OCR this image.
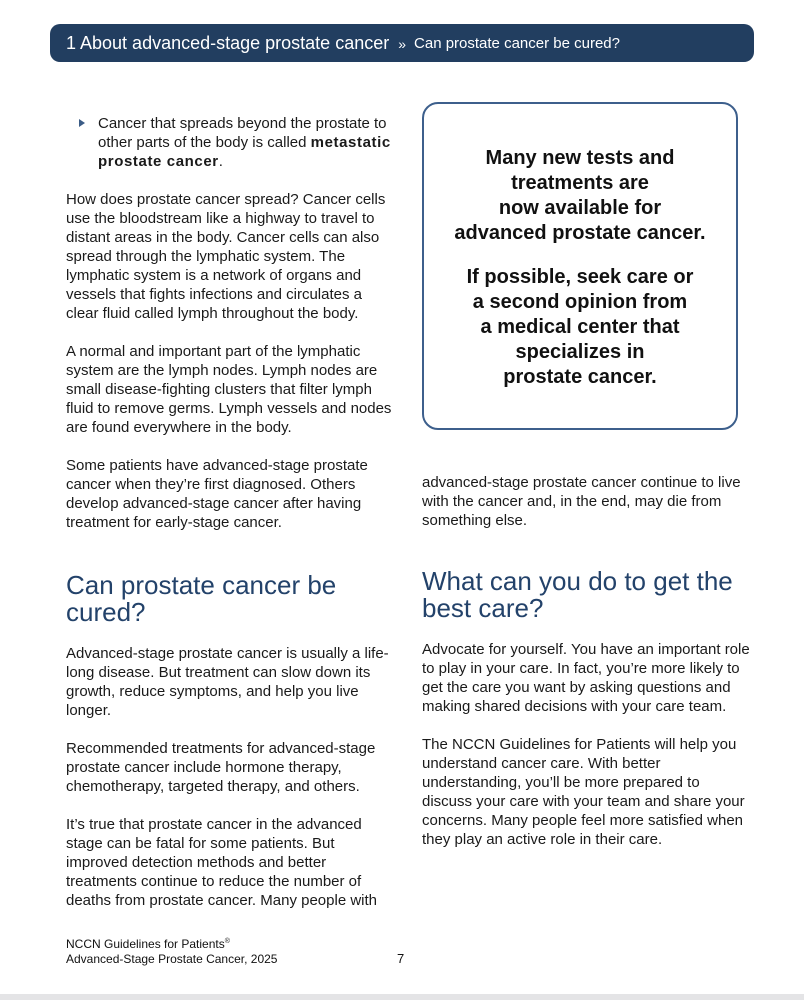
1 About advanced-stage prostate cancer » Can prostate cancer be cured?
Cancer that spreads beyond the prostate to other parts of the body is called metastatic prostate cancer.

How does prostate cancer spread? Cancer cells use the bloodstream like a highway to travel to distant areas in the body. Cancer cells can also spread through the lymphatic system. The lymphatic system is a network of organs and vessels that fights infections and circulates a clear fluid called lymph throughout the body.

A normal and important part of the lymphatic system are the lymph nodes. Lymph nodes are small disease-fighting clusters that filter lymph fluid to remove germs. Lymph vessels and nodes are found everywhere in the body.

Some patients have advanced-stage prostate cancer when they’re first diagnosed. Others develop advanced-stage cancer after having treatment for early-stage cancer.

Can prostate cancer be cured?

Advanced-stage prostate cancer is usually a life-long disease. But treatment can slow down its growth, reduce symptoms, and help you live longer.

Recommended treatments for advanced-stage prostate cancer include hormone therapy, chemotherapy, targeted therapy, and others.

It’s true that prostate cancer in the advanced stage can be fatal for some patients. But improved detection methods and better treatments continue to reduce the number of deaths from prostate cancer. Many people with

Many new tests and
treatments are
now available for
advanced prostate cancer.
If possible, seek care or
a second opinion from
a medical center that
specializes in
prostate cancer.

advanced-stage prostate cancer continue to live with the cancer and, in the end, may die from something else.

What can you do to get the best care?

Advocate for yourself. You have an important role to play in your care. In fact, you’re more likely to get the care you want by asking questions and making shared decisions with your care team.

The NCCN Guidelines for Patients will help you understand cancer care. With better understanding, you’ll be more prepared to discuss your care with your team and share your concerns. Many people feel more satisfied when they play an active role in their care.

NCCN Guidelines for Patients®
Advanced-Stage Prostate Cancer, 2025	7
